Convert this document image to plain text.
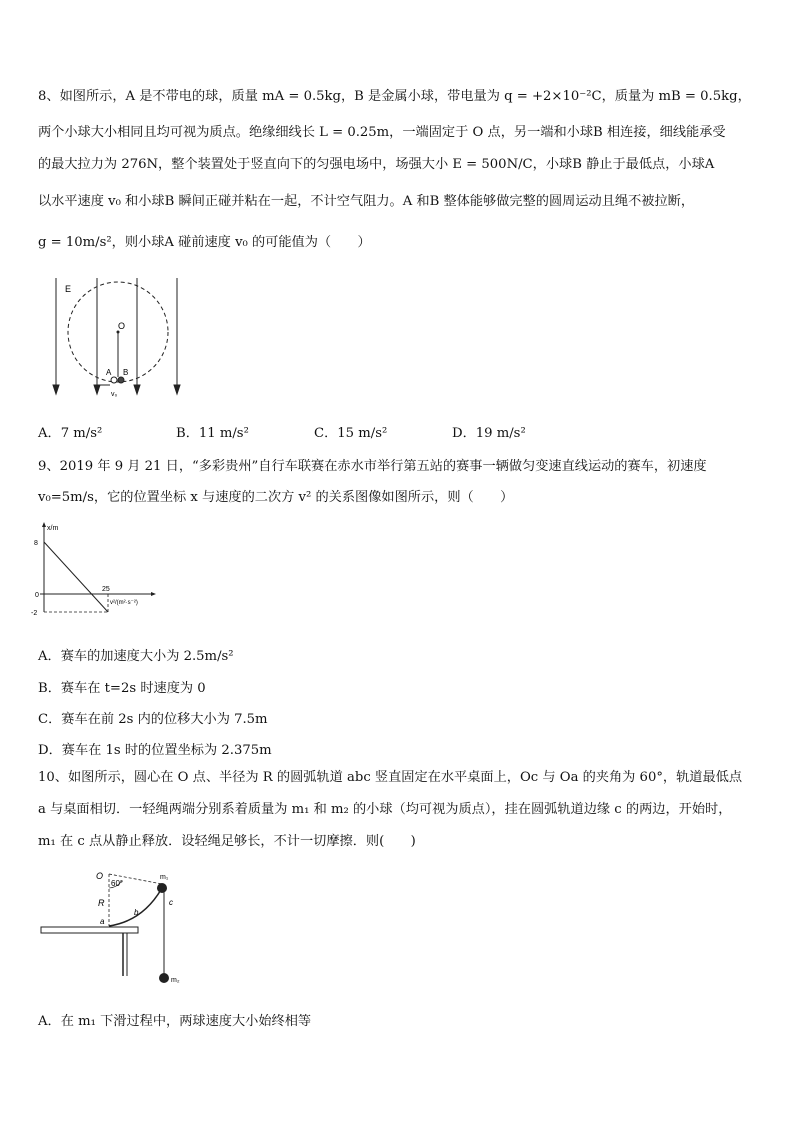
8、如图所示，A 是不带电的球，质量 mA = 0.5kg，B 是金属小球，带电量为 q = +2×10⁻²C，质量为 mB = 0.5kg，
两个小球大小相同且均可视为质点。绝缘细线长 L = 0.25m，一端固定于 O 点，另一端和小球B 相连接，细线能承受
的最大拉力为 276N，整个装置处于竖直向下的匀强电场中，场强大小 E = 500N/C，小球B 静止于最低点，小球A
以水平速度 v₀ 和小球B 瞬间正碰并粘在一起，不计空气阻力。A 和B 整体能够做完整的圆周运动且绳不被拉断，
g = 10m/s²，则小球A 碰前速度 v₀ 的可能值为（　　）
E
O
A B
v₀
A．7 m/s²	B．11 m/s²	C．15 m/s²	D．19 m/s²
9、2019 年 9 月 21 日，“多彩贵州”自行车联赛在赤水市举行第五站的赛事一辆做匀变速直线运动的赛车，初速度
v₀=5m/s，它的位置坐标 x 与速度的二次方 v² 的关系图像如图所示，则（　　）
x/m
8
0
-2
25
v²/(m²·s⁻²)
A．赛车的加速度大小为 2.5m/s²
B．赛车在 t=2s 时速度为 0
C．赛车在前 2s 内的位移大小为 7.5m
D．赛车在 1s 时的位置坐标为 2.375m
10、如图所示，圆心在 O 点、半径为 R 的圆弧轨道 abc 竖直固定在水平桌面上，Oc 与 Oa 的夹角为 60°，轨道最低点
a 与桌面相切．一轻绳两端分别系着质量为 m₁ 和 m₂ 的小球（均可视为质点），挂在圆弧轨道边缘 c 的两边，开始时，
m₁ 在 c 点从静止释放．设轻绳足够长，不计一切摩擦．则(　　)
O
60°
R
b
a
c
m₁
m₂
A．在 m₁ 下滑过程中，两球速度大小始终相等
